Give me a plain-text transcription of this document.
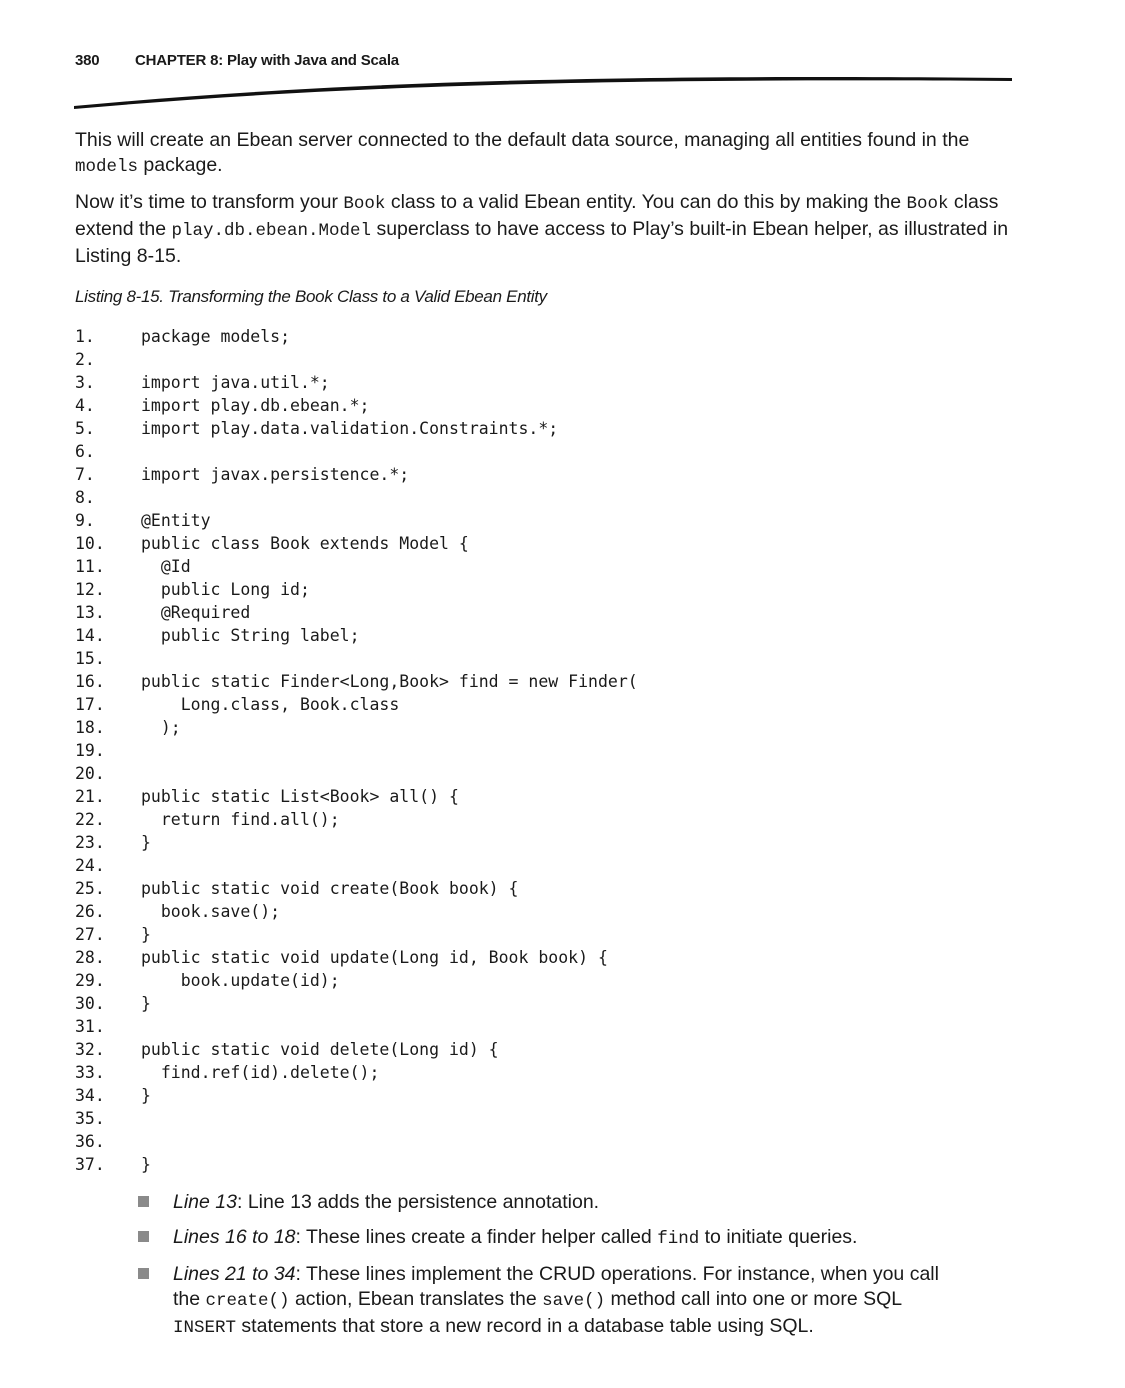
380 CHAPTER 8: Play with Java and Scala
This will create an Ebean server connected to the default data source, managing all entities found in the models package.
Now it’s time to transform your Book class to a valid Ebean entity. You can do this by making the Book class extend the play.db.ebean.Model superclass to have access to Play’s built-in Ebean helper, as illustrated in Listing 8-15.
Listing 8-15. Transforming the Book Class to a Valid Ebean Entity
1.	package models;
2.
3.	import java.util.*;
4.	import play.db.ebean.*;
5.	import play.data.validation.Constraints.*;
6.
7.	import javax.persistence.*;
8.
9.	@Entity
10.	public class Book extends Model {
11.	@Id
12.	public Long id;
13.	@Required
14.	public String label;
15.
16.	public static Finder<Long,Book> find = new Finder(
17.	Long.class, Book.class
18.	);
19.
20.
21.	public static List<Book> all() {
22.	return find.all();
23.	}
24.
25.	public static void create(Book book) {
26.	book.save();
27.	}
28.	public static void update(Long id, Book book) {
29.	book.update(id);
30.	}
31.
32.	public static void delete(Long id) {
33.	find.ref(id).delete();
34.	}
35.
36.
37.	}
Line 13: Line 13 adds the persistence annotation.
Lines 16 to 18: These lines create a finder helper called find to initiate queries.
Lines 21 to 34: These lines implement the CRUD operations. For instance, when you call the create() action, Ebean translates the save() method call into one or more SQL INSERT statements that store a new record in a database table using SQL.
